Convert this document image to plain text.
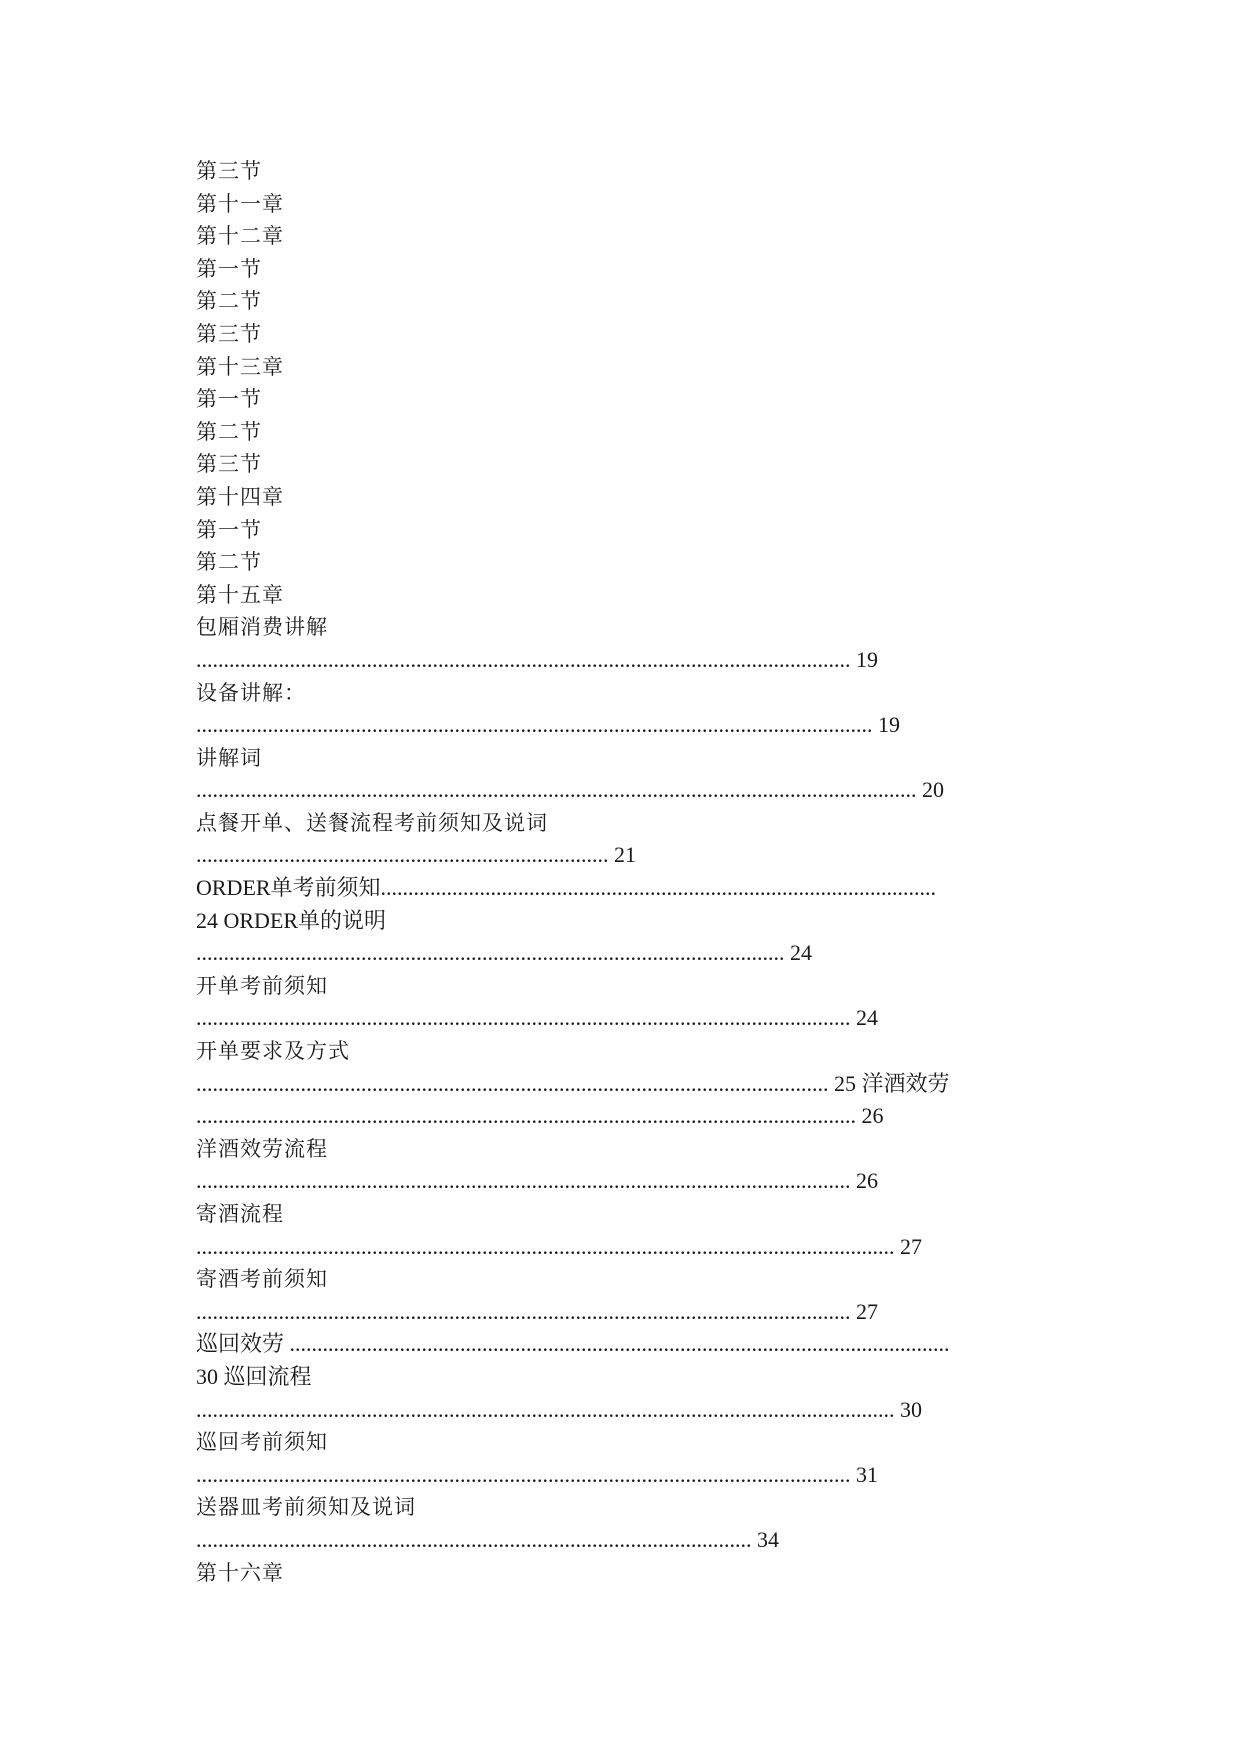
第三节
第十一章
第十二章
第一节
第二节
第三节
第十三章
第一节
第二节
第三节
第十四章
第一节
第二节
第十五章
包厢消费讲解
....................................................................................................................... 19
设备讲解：
........................................................................................................................... 19
讲解词
................................................................................................................................... 20
点餐开单、送餐流程考前须知及说词
........................................................................... 21
ORDER单考前须知.....................................................................................................
24 ORDER单的说明
........................................................................................................... 24
开单考前须知
....................................................................................................................... 24
开单要求及方式
................................................................................................................... 25 洋酒效劳
........................................................................................................................ 26
洋酒效劳流程
....................................................................................................................... 26
寄酒流程
............................................................................................................................... 27
寄酒考前须知
....................................................................................................................... 27
巡回效劳 ........................................................................................................................
30 巡回流程
............................................................................................................................... 30
巡回考前须知
....................................................................................................................... 31
送器皿考前须知及说词
..................................................................................................... 34
第十六章
